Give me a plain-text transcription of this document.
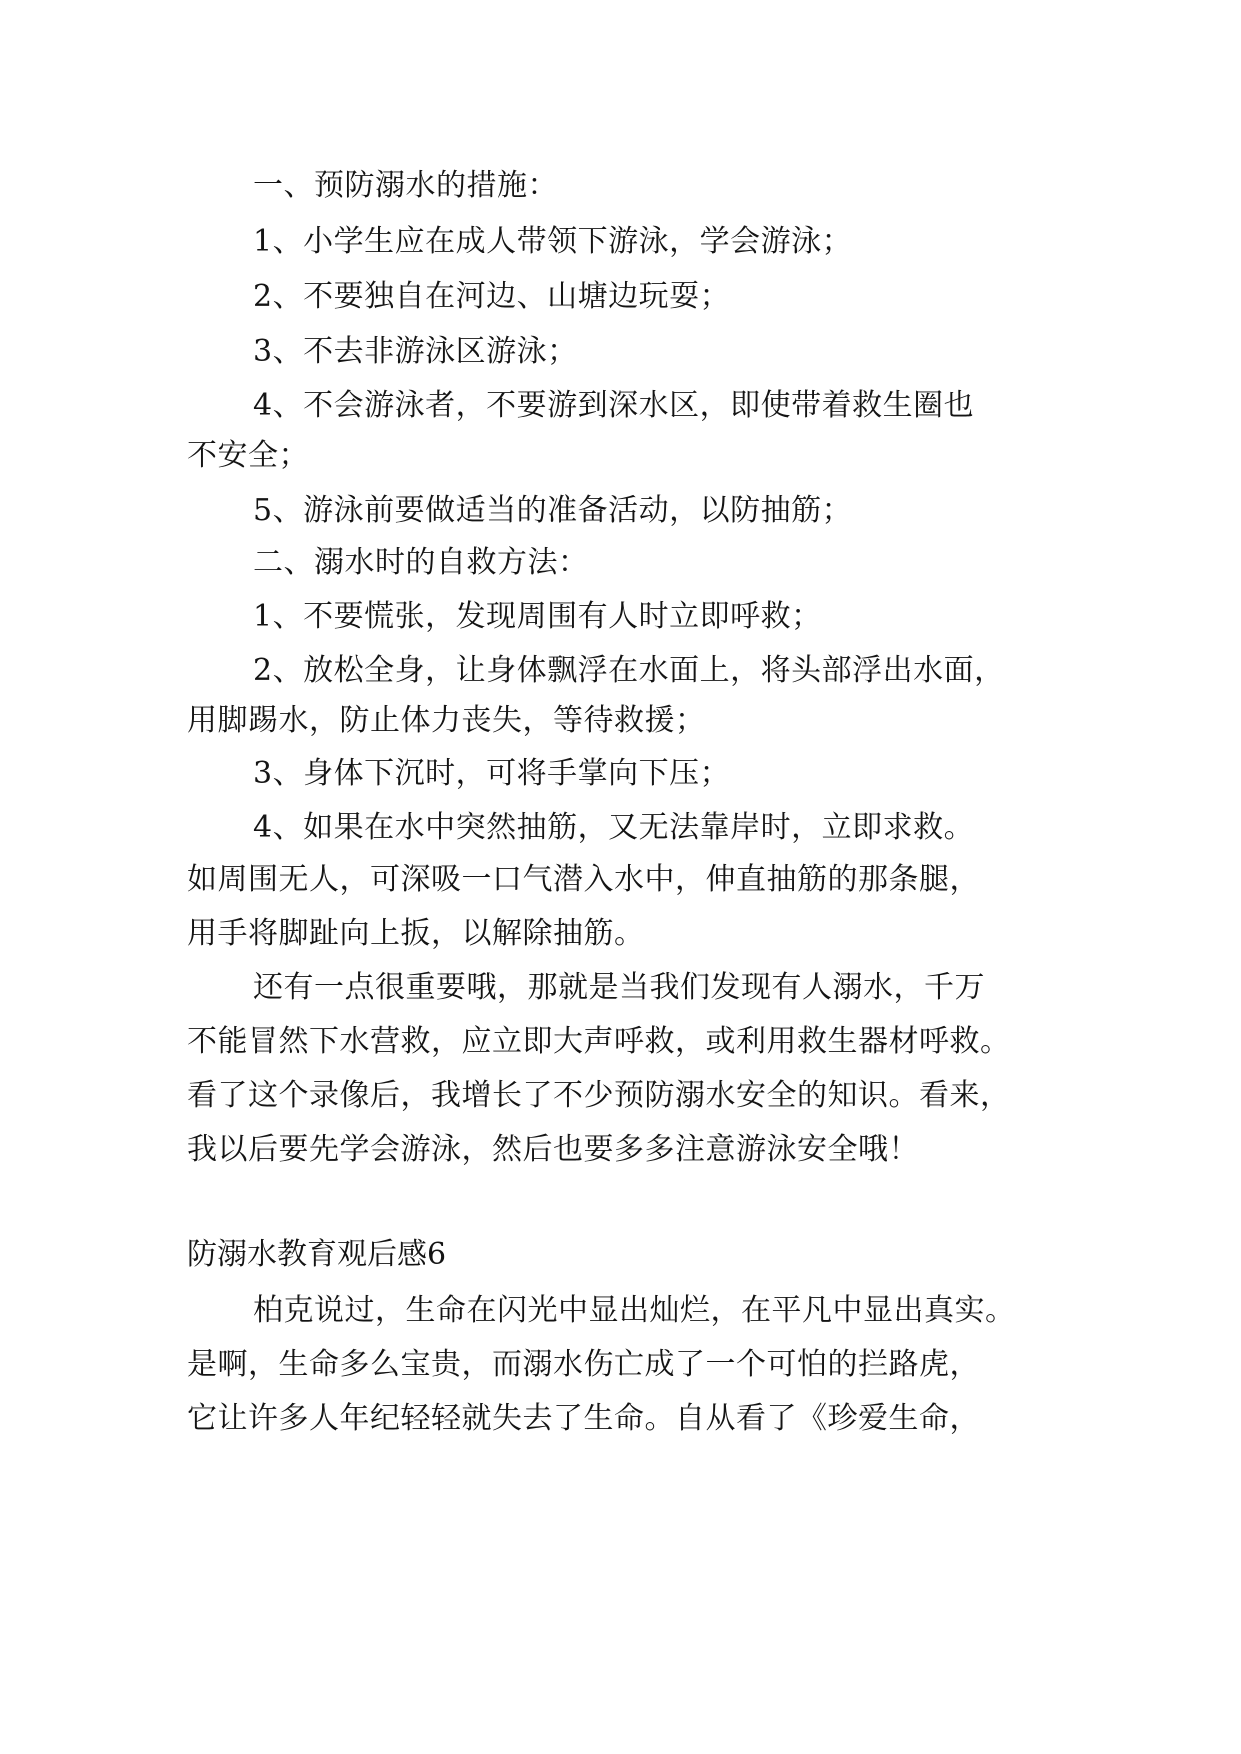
一、预防溺水的措施：

1、小学生应在成人带领下游泳，学会游泳；

2、不要独自在河边、山塘边玩耍；

3、不去非游泳区游泳；

4、不会游泳者，不要游到深水区，即使带着救生圈也

不安全；

5、游泳前要做适当的准备活动，以防抽筋；

二、溺水时的自救方法：

1、不要慌张，发现周围有人时立即呼救；

2、放松全身，让身体飘浮在水面上，将头部浮出水面，

用脚踢水，防止体力丧失，等待救援；

3、身体下沉时，可将手掌向下压；

4、如果在水中突然抽筋，又无法靠岸时，立即求救。

如周围无人，可深吸一口气潜入水中，伸直抽筋的那条腿，

用手将脚趾向上扳，以解除抽筋。

还有一点很重要哦，那就是当我们发现有人溺水，千万

不能冒然下水营救，应立即大声呼救，或利用救生器材呼救。

看了这个录像后，我增长了不少预防溺水安全的知识。看来，

我以后要先学会游泳，然后也要多多注意游泳安全哦！

防溺水教育观后感6

柏克说过，生命在闪光中显出灿烂，在平凡中显出真实。

是啊，生命多么宝贵，而溺水伤亡成了一个可怕的拦路虎，

它让许多人年纪轻轻就失去了生命。自从看了《珍爱生命，
